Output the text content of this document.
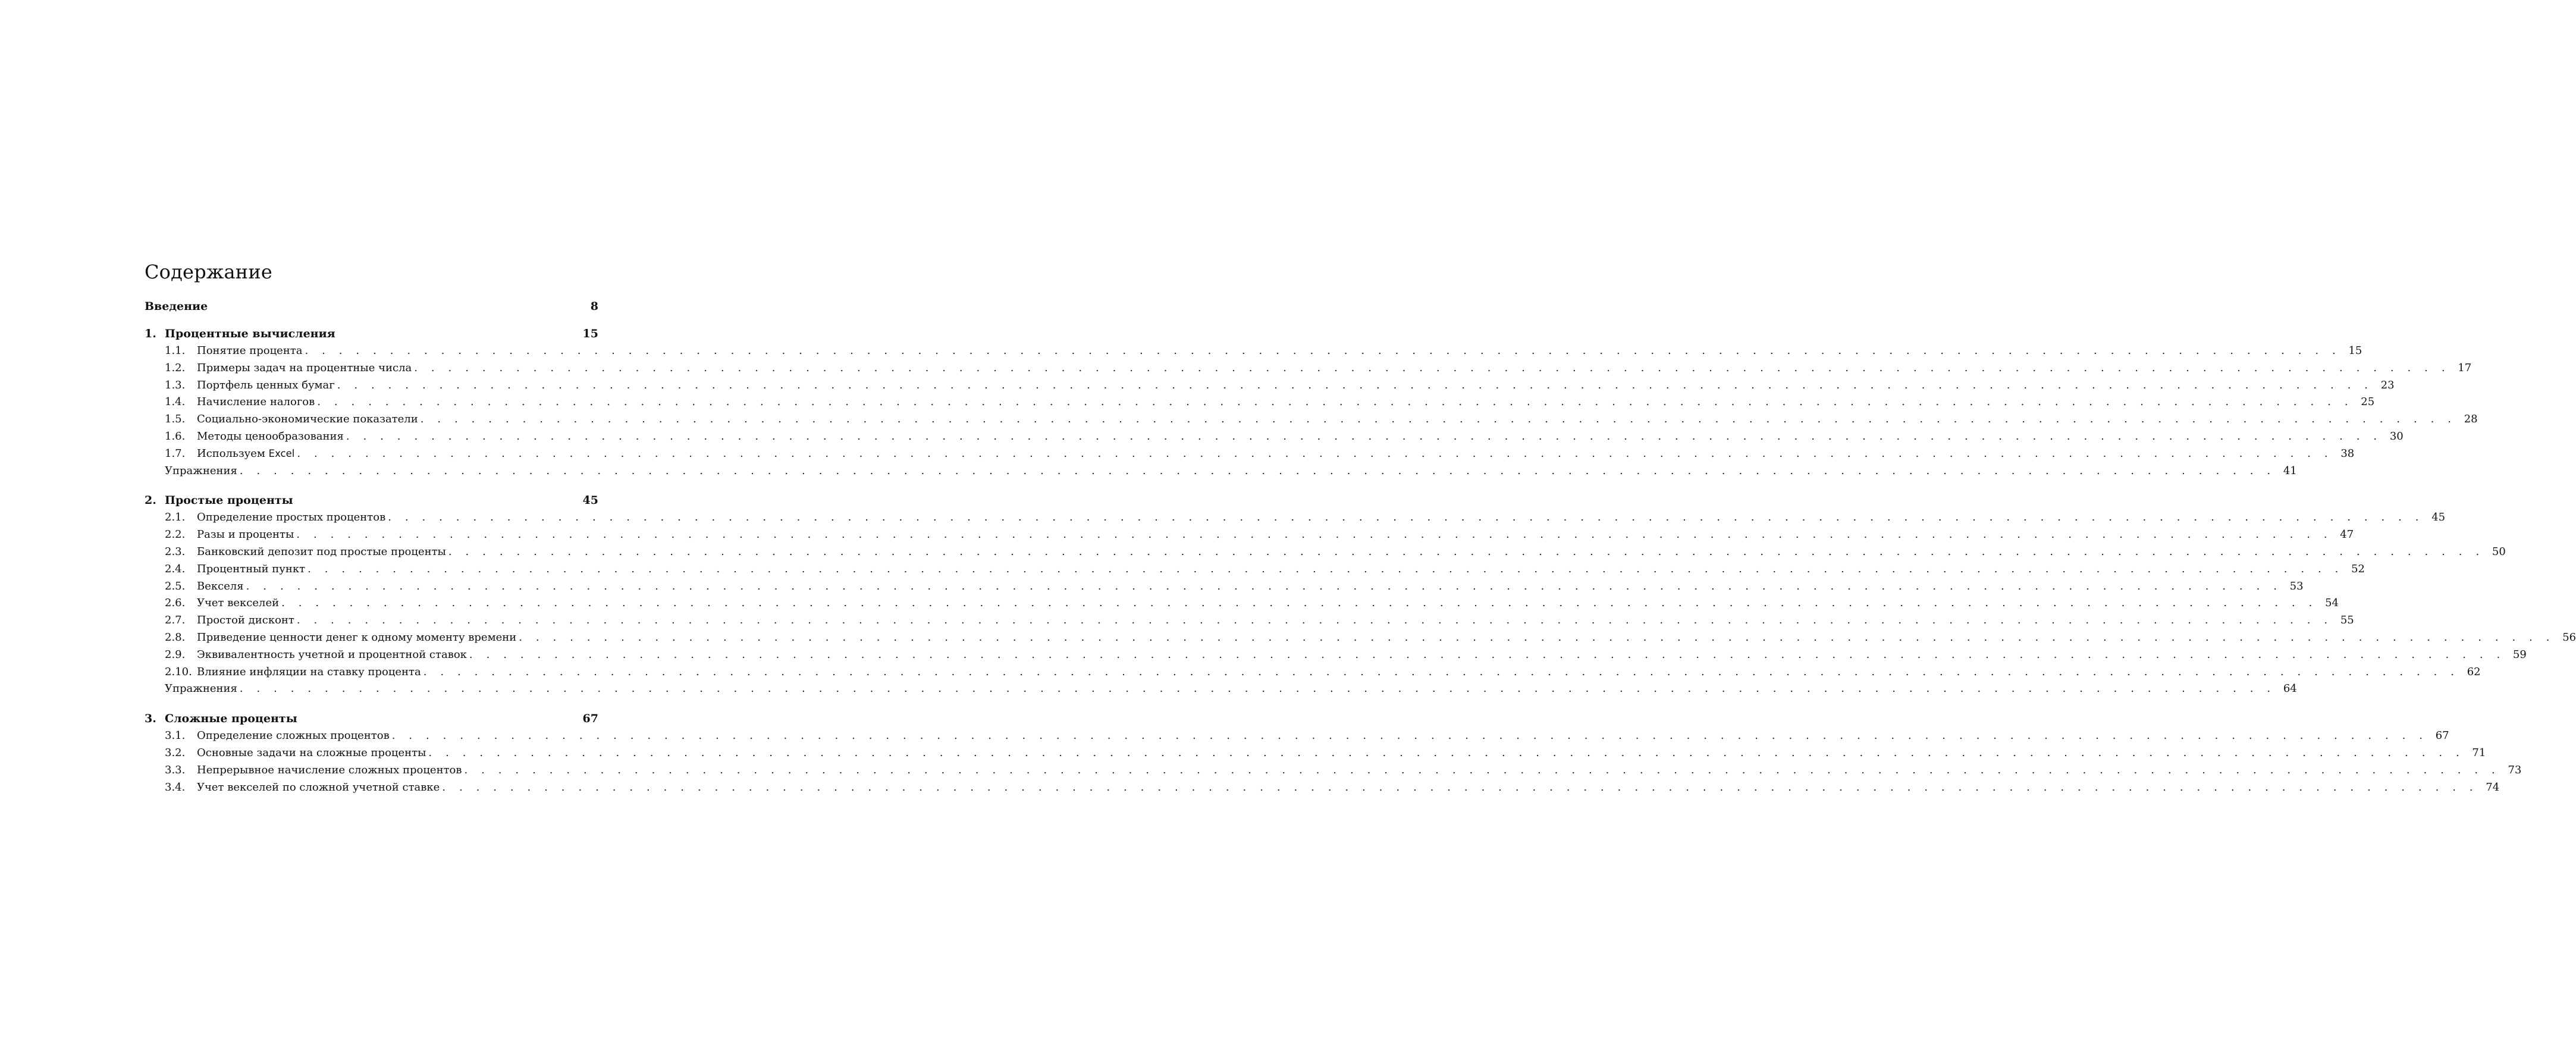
Содержание
Введение	8
1. Процентные вычисления	15
1.1.	Понятие процента . . . . . . . . . . . . . . . . . . . . . . . . . . . . . . . . . . . . . . . . . . . . . . . . . . . . . . . . . . . . . . . . . . . . . . . . . . . . . . . . . . . . . . . . . . . . . . . . . . . . . . . . . . . . . . . . . . . . . . . . 15
1.2.	Примеры задач на процентные числа . . . . . . . . . . . . . . . . . . . . . . . . . . . . . . . . . . . . . . . . . . . . . . . . . . . . . . . . . . . . . . . . . . . . . . . . . . . . . . . . . . . . . . . . . . . . . . . . . . . . . . . . . . . . . . . . . . . . . . . . 17
1.3.	Портфель ценных бумаг . . . . . . . . . . . . . . . . . . . . . . . . . . . . . . . . . . . . . . . . . . . . . . . . . . . . . . . . . . . . . . . . . . . . . . . . . . . . . . . . . . . . . . . . . . . . . . . . . . . . . . . . . . . . . . . . . . . . . . . . 23
1.4.	Начисление налогов . . . . . . . . . . . . . . . . . . . . . . . . . . . . . . . . . . . . . . . . . . . . . . . . . . . . . . . . . . . . . . . . . . . . . . . . . . . . . . . . . . . . . . . . . . . . . . . . . . . . . . . . . . . . . . . . . . . . . . . . 25
1.5.	Социально-экономические показатели . . . . . . . . . . . . . . . . . . . . . . . . . . . . . . . . . . . . . . . . . . . . . . . . . . . . . . . . . . . . . . . . . . . . . . . . . . . . . . . . . . . . . . . . . . . . . . . . . . . . . . . . . . . . . . . . . . . . . . . . 28
1.6.	Методы ценообразования . . . . . . . . . . . . . . . . . . . . . . . . . . . . . . . . . . . . . . . . . . . . . . . . . . . . . . . . . . . . . . . . . . . . . . . . . . . . . . . . . . . . . . . . . . . . . . . . . . . . . . . . . . . . . . . . . . . . . . . . 30
1.7.	Используем Excel . . . . . . . . . . . . . . . . . . . . . . . . . . . . . . . . . . . . . . . . . . . . . . . . . . . . . . . . . . . . . . . . . . . . . . . . . . . . . . . . . . . . . . . . . . . . . . . . . . . . . . . . . . . . . . . . . . . . . . . . 38
Упражнения . . . . . . . . . . . . . . . . . . . . . . . . . . . . . . . . . . . . . . . . . . . . . . . . . . . . . . . . . . . . . . . . . . . . . . . . . . . . . . . . . . . . . . . . . . . . . . . . . . . . . . . . . . . . . . . . . . . . . . . . 41
2. Простые проценты	45
2.1.	Определение простых процентов . . . . . . . . . . . . . . . . . . . . . . . . . . . . . . . . . . . . . . . . . . . . . . . . . . . . . . . . . . . . . . . . . . . . . . . . . . . . . . . . . . . . . . . . . . . . . . . . . . . . . . . . . . . . . . . . . . . . . . . . 45
2.2.	Разы и проценты . . . . . . . . . . . . . . . . . . . . . . . . . . . . . . . . . . . . . . . . . . . . . . . . . . . . . . . . . . . . . . . . . . . . . . . . . . . . . . . . . . . . . . . . . . . . . . . . . . . . . . . . . . . . . . . . . . . . . . . . 47
2.3.	Банковский депозит под простые проценты . . . . . . . . . . . . . . . . . . . . . . . . . . . . . . . . . . . . . . . . . . . . . . . . . . . . . . . . . . . . . . . . . . . . . . . . . . . . . . . . . . . . . . . . . . . . . . . . . . . . . . . . . . . . . . . . . . . . . . . . 50
2.4.	Процентный пункт . . . . . . . . . . . . . . . . . . . . . . . . . . . . . . . . . . . . . . . . . . . . . . . . . . . . . . . . . . . . . . . . . . . . . . . . . . . . . . . . . . . . . . . . . . . . . . . . . . . . . . . . . . . . . . . . . . . . . . . . 52
2.5.	Векселя . . . . . . . . . . . . . . . . . . . . . . . . . . . . . . . . . . . . . . . . . . . . . . . . . . . . . . . . . . . . . . . . . . . . . . . . . . . . . . . . . . . . . . . . . . . . . . . . . . . . . . . . . . . . . . . . . . . . . . . . 53
2.6.	Учет векселей . . . . . . . . . . . . . . . . . . . . . . . . . . . . . . . . . . . . . . . . . . . . . . . . . . . . . . . . . . . . . . . . . . . . . . . . . . . . . . . . . . . . . . . . . . . . . . . . . . . . . . . . . . . . . . . . . . . . . . . . 54
2.7.	Простой дисконт . . . . . . . . . . . . . . . . . . . . . . . . . . . . . . . . . . . . . . . . . . . . . . . . . . . . . . . . . . . . . . . . . . . . . . . . . . . . . . . . . . . . . . . . . . . . . . . . . . . . . . . . . . . . . . . . . . . . . . . . 55
2.8.	Приведение ценности денег к одному моменту времени . . . . . . . . . . . . . . . . . . . . . . . . . . . . . . . . . . . . . . . . . . . . . . . . . . . . . . . . . . . . . . . . . . . . . . . . . . . . . . . . . . . . . . . . . . . . . . . . . . . . . . . . . . . . . . . . . . . . . . . . 56
2.9.	Эквивалентность учетной и процентной ставок . . . . . . . . . . . . . . . . . . . . . . . . . . . . . . . . . . . . . . . . . . . . . . . . . . . . . . . . . . . . . . . . . . . . . . . . . . . . . . . . . . . . . . . . . . . . . . . . . . . . . . . . . . . . . . . . . . . . . . . . 59
2.10. Влияние инфляции на ставку процента . . . . . . . . . . . . . . . . . . . . . . . . . . . . . . . . . . . . . . . . . . . . . . . . . . . . . . . . . . . . . . . . . . . . . . . . . . . . . . . . . . . . . . . . . . . . . . . . . . . . . . . . . . . . . . . . . . . . . . . . 62
Упражнения . . . . . . . . . . . . . . . . . . . . . . . . . . . . . . . . . . . . . . . . . . . . . . . . . . . . . . . . . . . . . . . . . . . . . . . . . . . . . . . . . . . . . . . . . . . . . . . . . . . . . . . . . . . . . . . . . . . . . . . . 64
3. Сложные проценты	67
3.1.	Определение сложных процентов . . . . . . . . . . . . . . . . . . . . . . . . . . . . . . . . . . . . . . . . . . . . . . . . . . . . . . . . . . . . . . . . . . . . . . . . . . . . . . . . . . . . . . . . . . . . . . . . . . . . . . . . . . . . . . . . . . . . . . . . 67
3.2.	Основные задачи на сложные проценты . . . . . . . . . . . . . . . . . . . . . . . . . . . . . . . . . . . . . . . . . . . . . . . . . . . . . . . . . . . . . . . . . . . . . . . . . . . . . . . . . . . . . . . . . . . . . . . . . . . . . . . . . . . . . . . . . . . . . . . . 71
3.3.	Непрерывное начисление сложных процентов . . . . . . . . . . . . . . . . . . . . . . . . . . . . . . . . . . . . . . . . . . . . . . . . . . . . . . . . . . . . . . . . . . . . . . . . . . . . . . . . . . . . . . . . . . . . . . . . . . . . . . . . . . . . . . . . . . . . . . . . 73
3.4.	Учет векселей по сложной учетной ставке . . . . . . . . . . . . . . . . . . . . . . . . . . . . . . . . . . . . . . . . . . . . . . . . . . . . . . . . . . . . . . . . . . . . . . . . . . . . . . . . . . . . . . . . . . . . . . . . . . . . . . . . . . . . . . . . . . . . . . . . 74
